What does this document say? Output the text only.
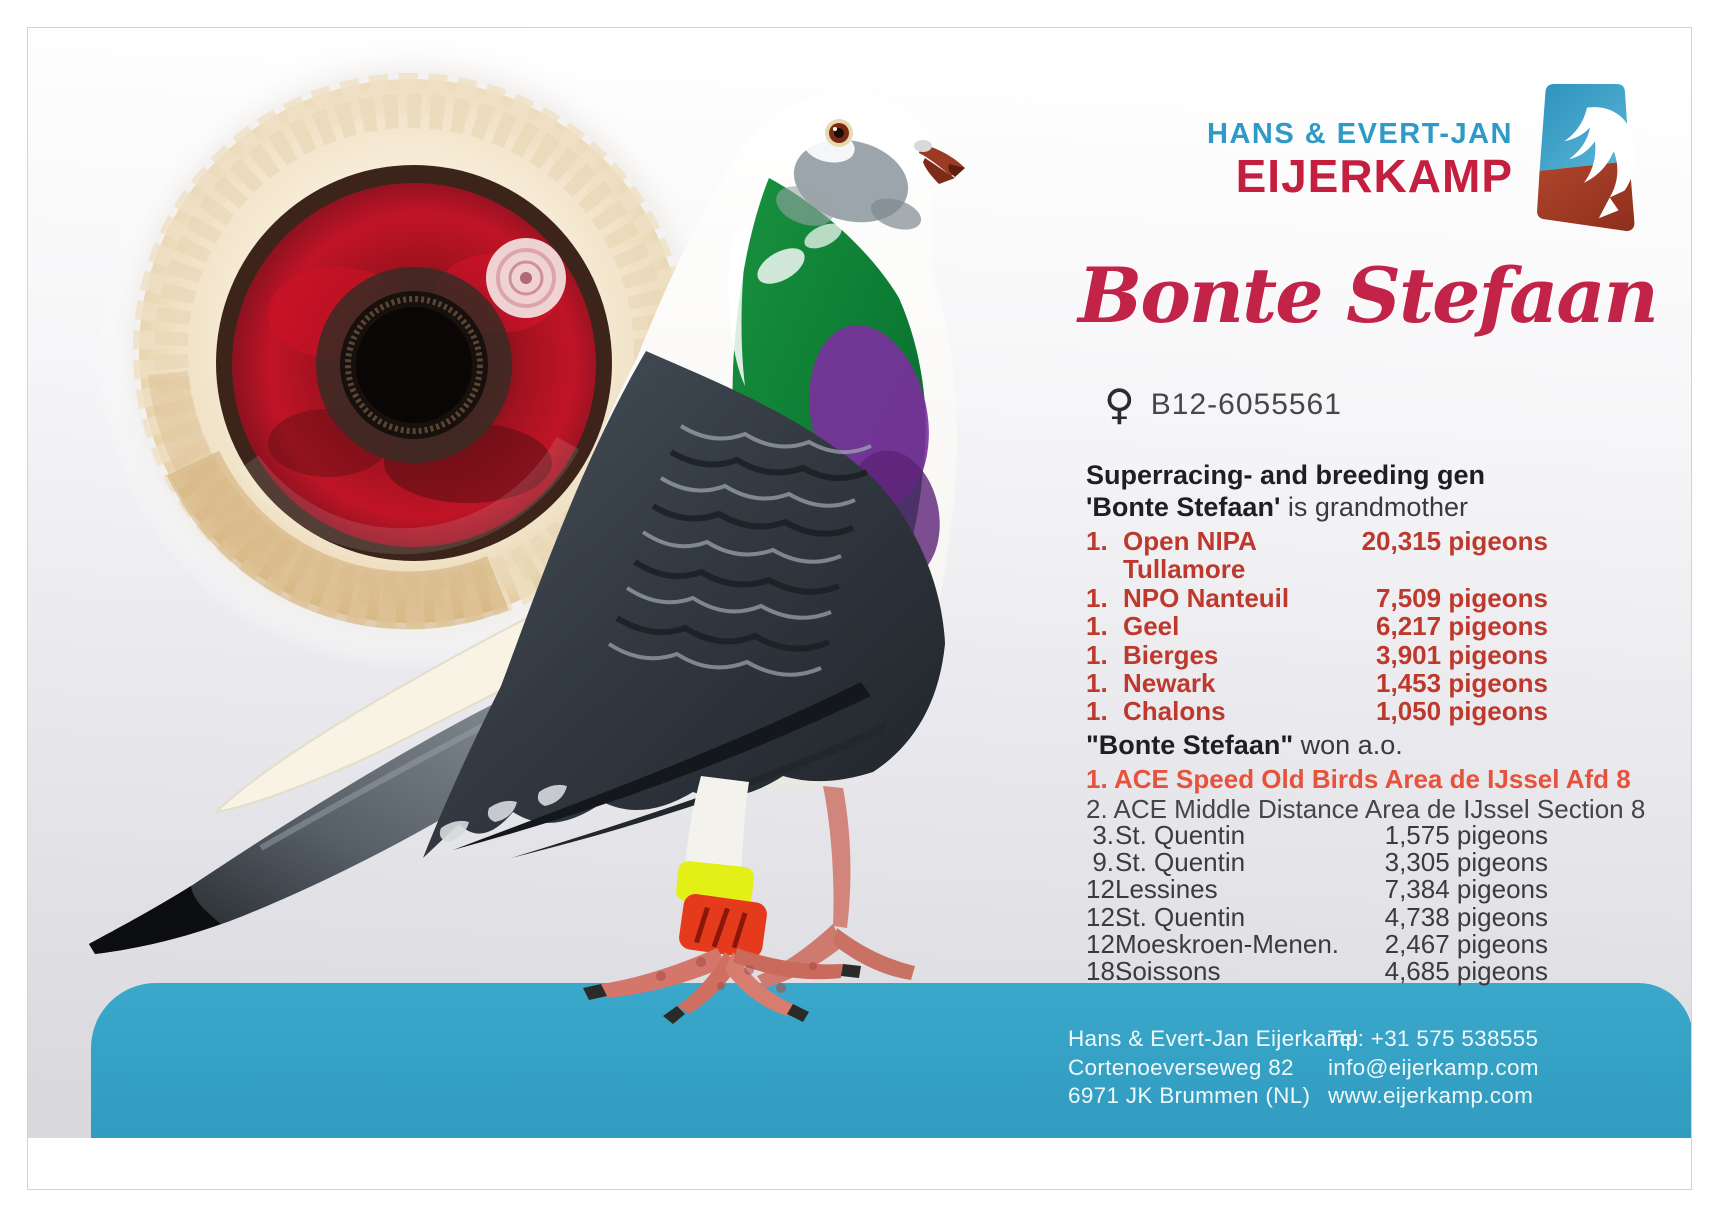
Hans & Evert-Jan Eijerkamp
Cortenoeverseweg 82
6971 JK Brummen (NL)
Tel: +31 575 538555
info@eijerkamp.com
www.eijerkamp.com
HANS & EVERT-JAN
EIJERKAMP
Bonte Stefaan
♀ B12-6055561
Superracing- and breeding gen
'Bonte Stefaan' is grandmother
1. Open NIPA Tullamore
20,315 pigeons
1. NPO Nanteuil	7,509 pigeons
1. Geel	6,217 pigeons
1. Bierges	3,901 pigeons
1. Newark	1,453 pigeons
1. Chalons	1,050 pigeons
"Bonte Stefaan" won a.o.
1. ACE Speed Old Birds Area de IJssel Afd 8
2. ACE Middle Distance Area de IJssel Section 8
3. St. Quentin	1,575 pigeons
9. St. Quentin	3,305 pigeons
12.
Lessines	7,384 pigeons
12.
St. Quentin	4,738 pigeons
12.
Moeskroen-Menen.	2,467 pigeons
18.
Soissons	4,685 pigeons
